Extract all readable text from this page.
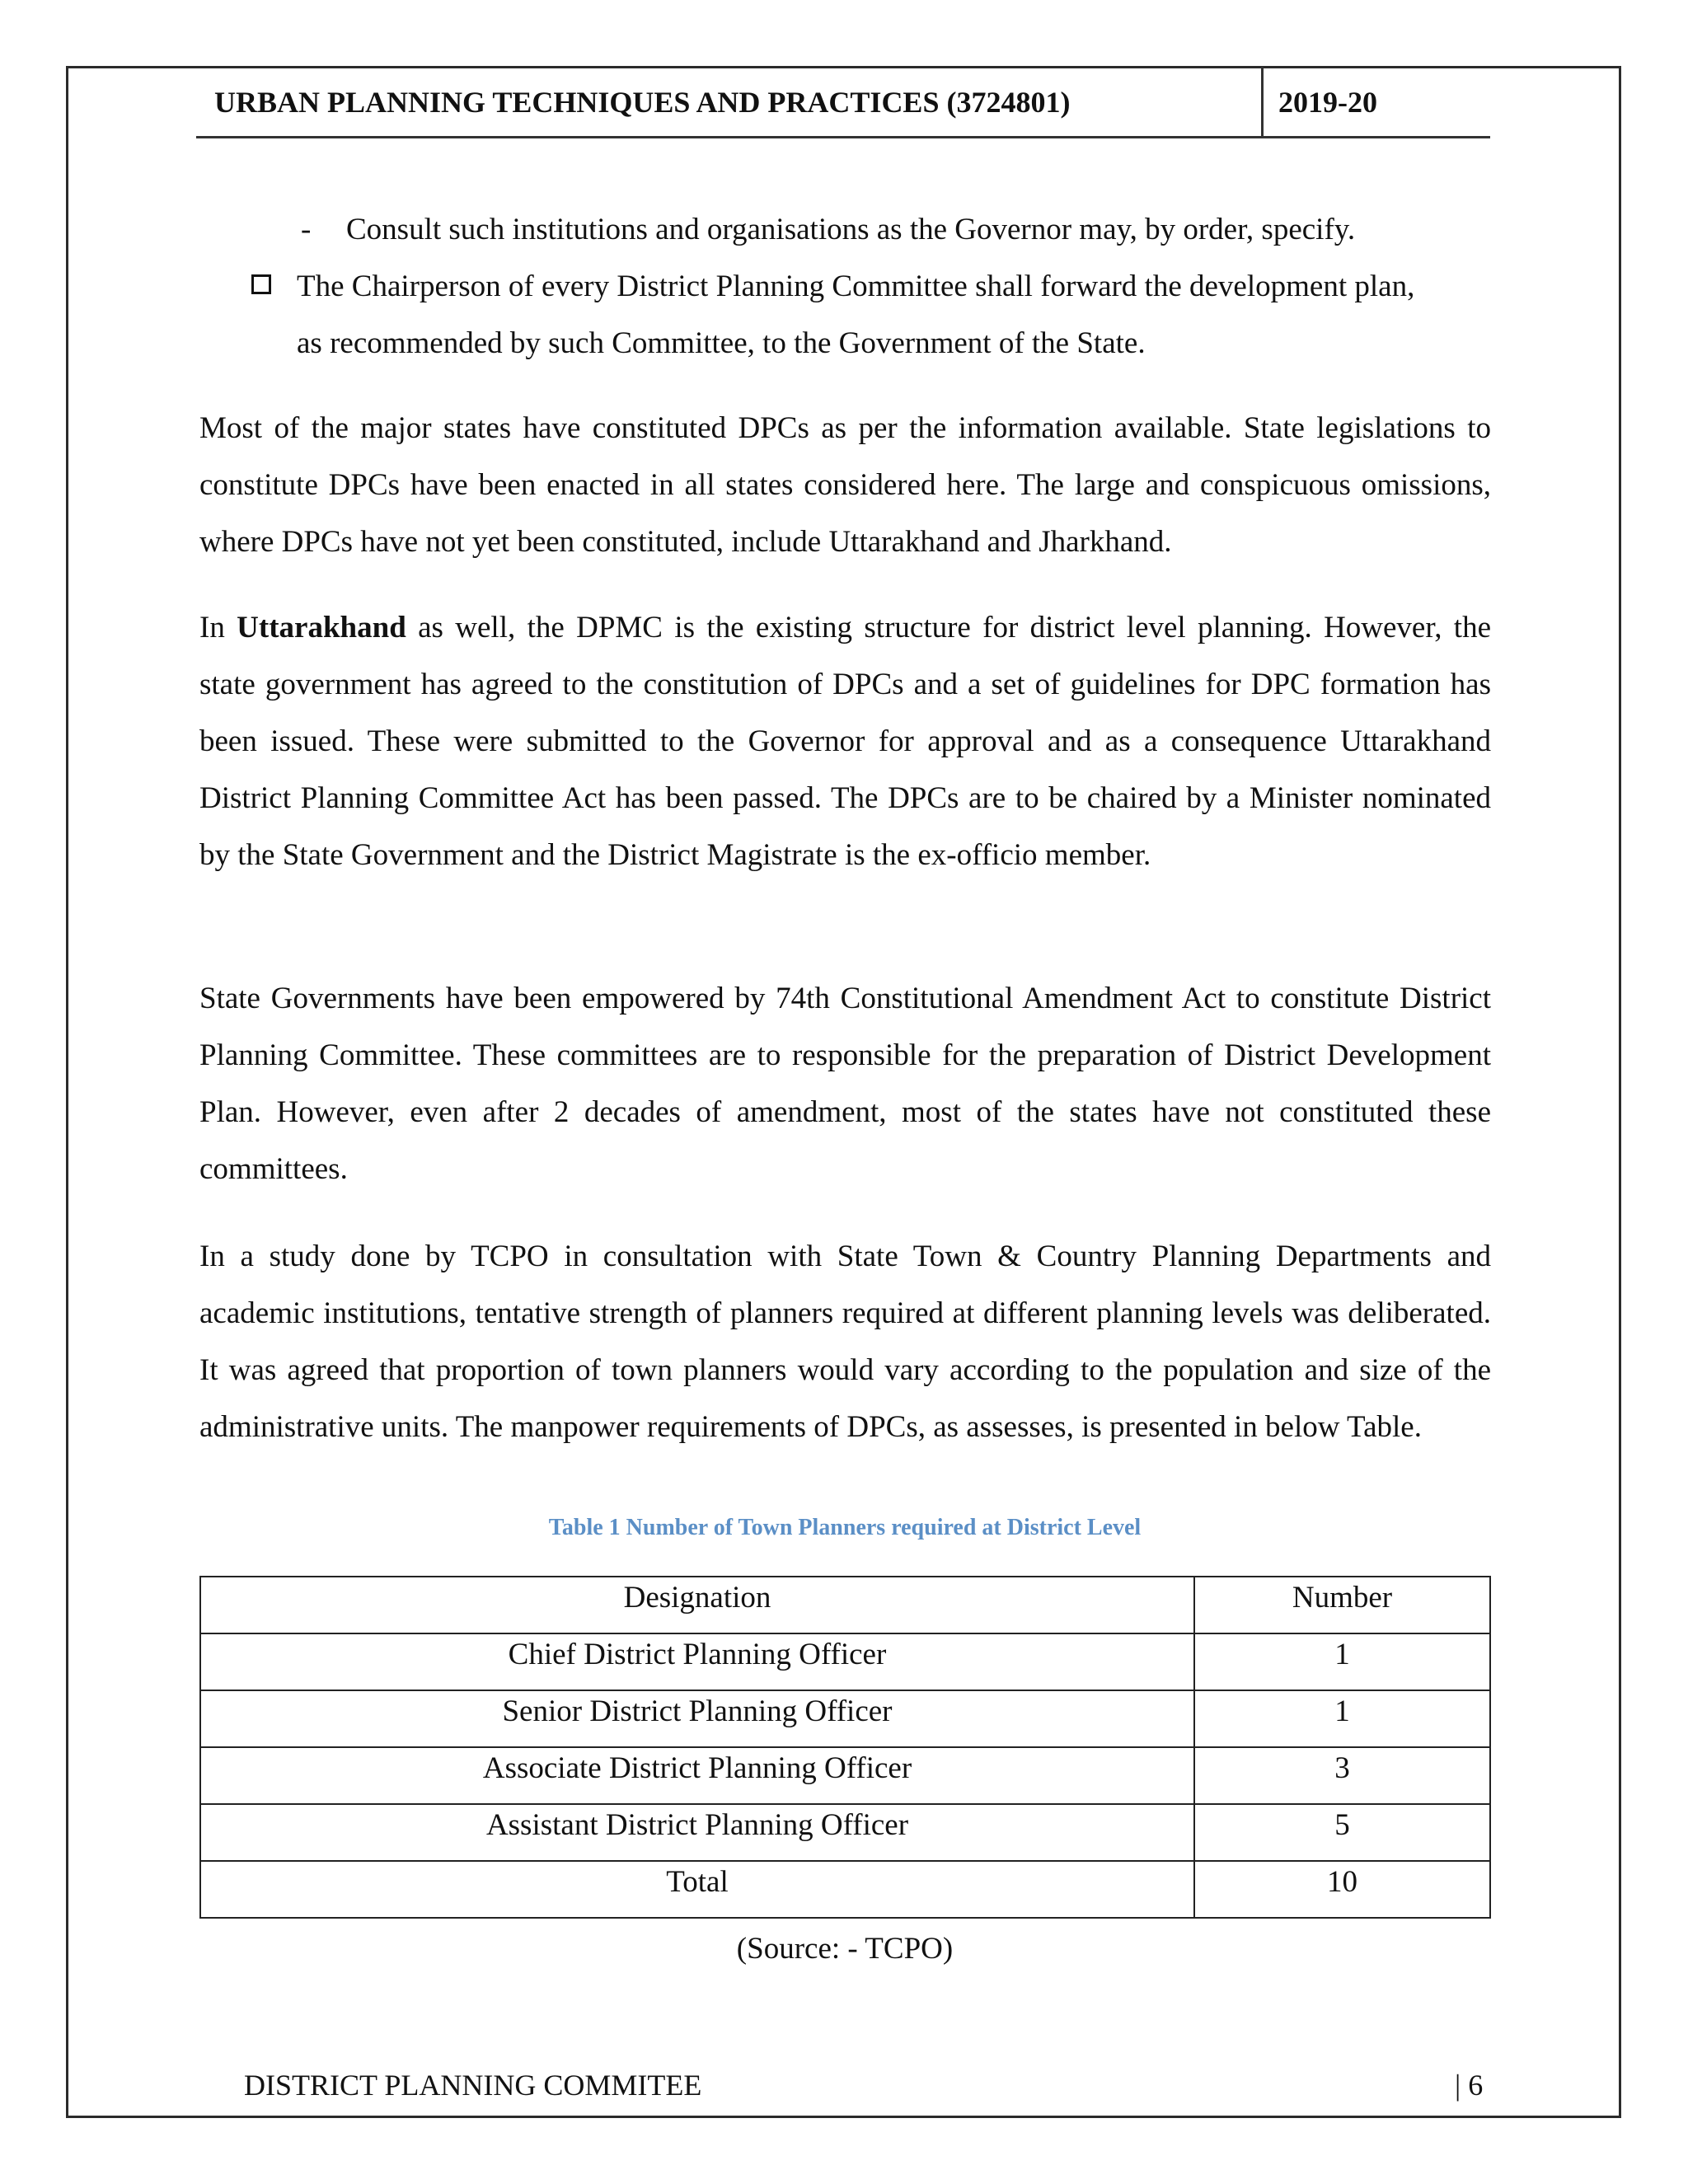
URBAN PLANNING TECHNIQUES AND PRACTICES (3724801)	2019-20
- Consult such institutions and organisations as the Governor may, by order, specify.
The Chairperson of every District Planning Committee shall forward the development plan,
as recommended by such Committee, to the Government of the State.
Most of the major states have constituted DPCs as per the information available. State legislations to constitute DPCs have been enacted in all states considered here. The large and conspicuous omissions, where DPCs have not yet been constituted, include Uttarakhand and Jharkhand.
In Uttarakhand as well, the DPMC is the existing structure for district level planning. However, the state government has agreed to the constitution of DPCs and a set of guidelines for DPC formation has been issued. These were submitted to the Governor for approval and as a consequence Uttarakhand District Planning Committee Act has been passed. The DPCs are to be chaired by a Minister nominated by the State Government and the District Magistrate is the ex-officio member.
State Governments have been empowered by 74th Constitutional Amendment Act to constitute District Planning Committee. These committees are to responsible for the preparation of District Development Plan. However, even after 2 decades of amendment, most of the states have not constituted these committees.
In a study done by TCPO in consultation with State Town & Country Planning Departments and academic institutions, tentative strength of planners required at different planning levels was deliberated. It was agreed that proportion of town planners would vary according to the population and size of the administrative units. The manpower requirements of DPCs, as assesses, is presented in below Table.
Table 1 Number of Town Planners required at District Level
Designation	Number
Chief District Planning Officer	1
Senior District Planning Officer	1
Associate District Planning Officer	3
Assistant District Planning Officer	5
Total	10
(Source: - TCPO)
DISTRICT PLANNING COMMITEE	| 6
